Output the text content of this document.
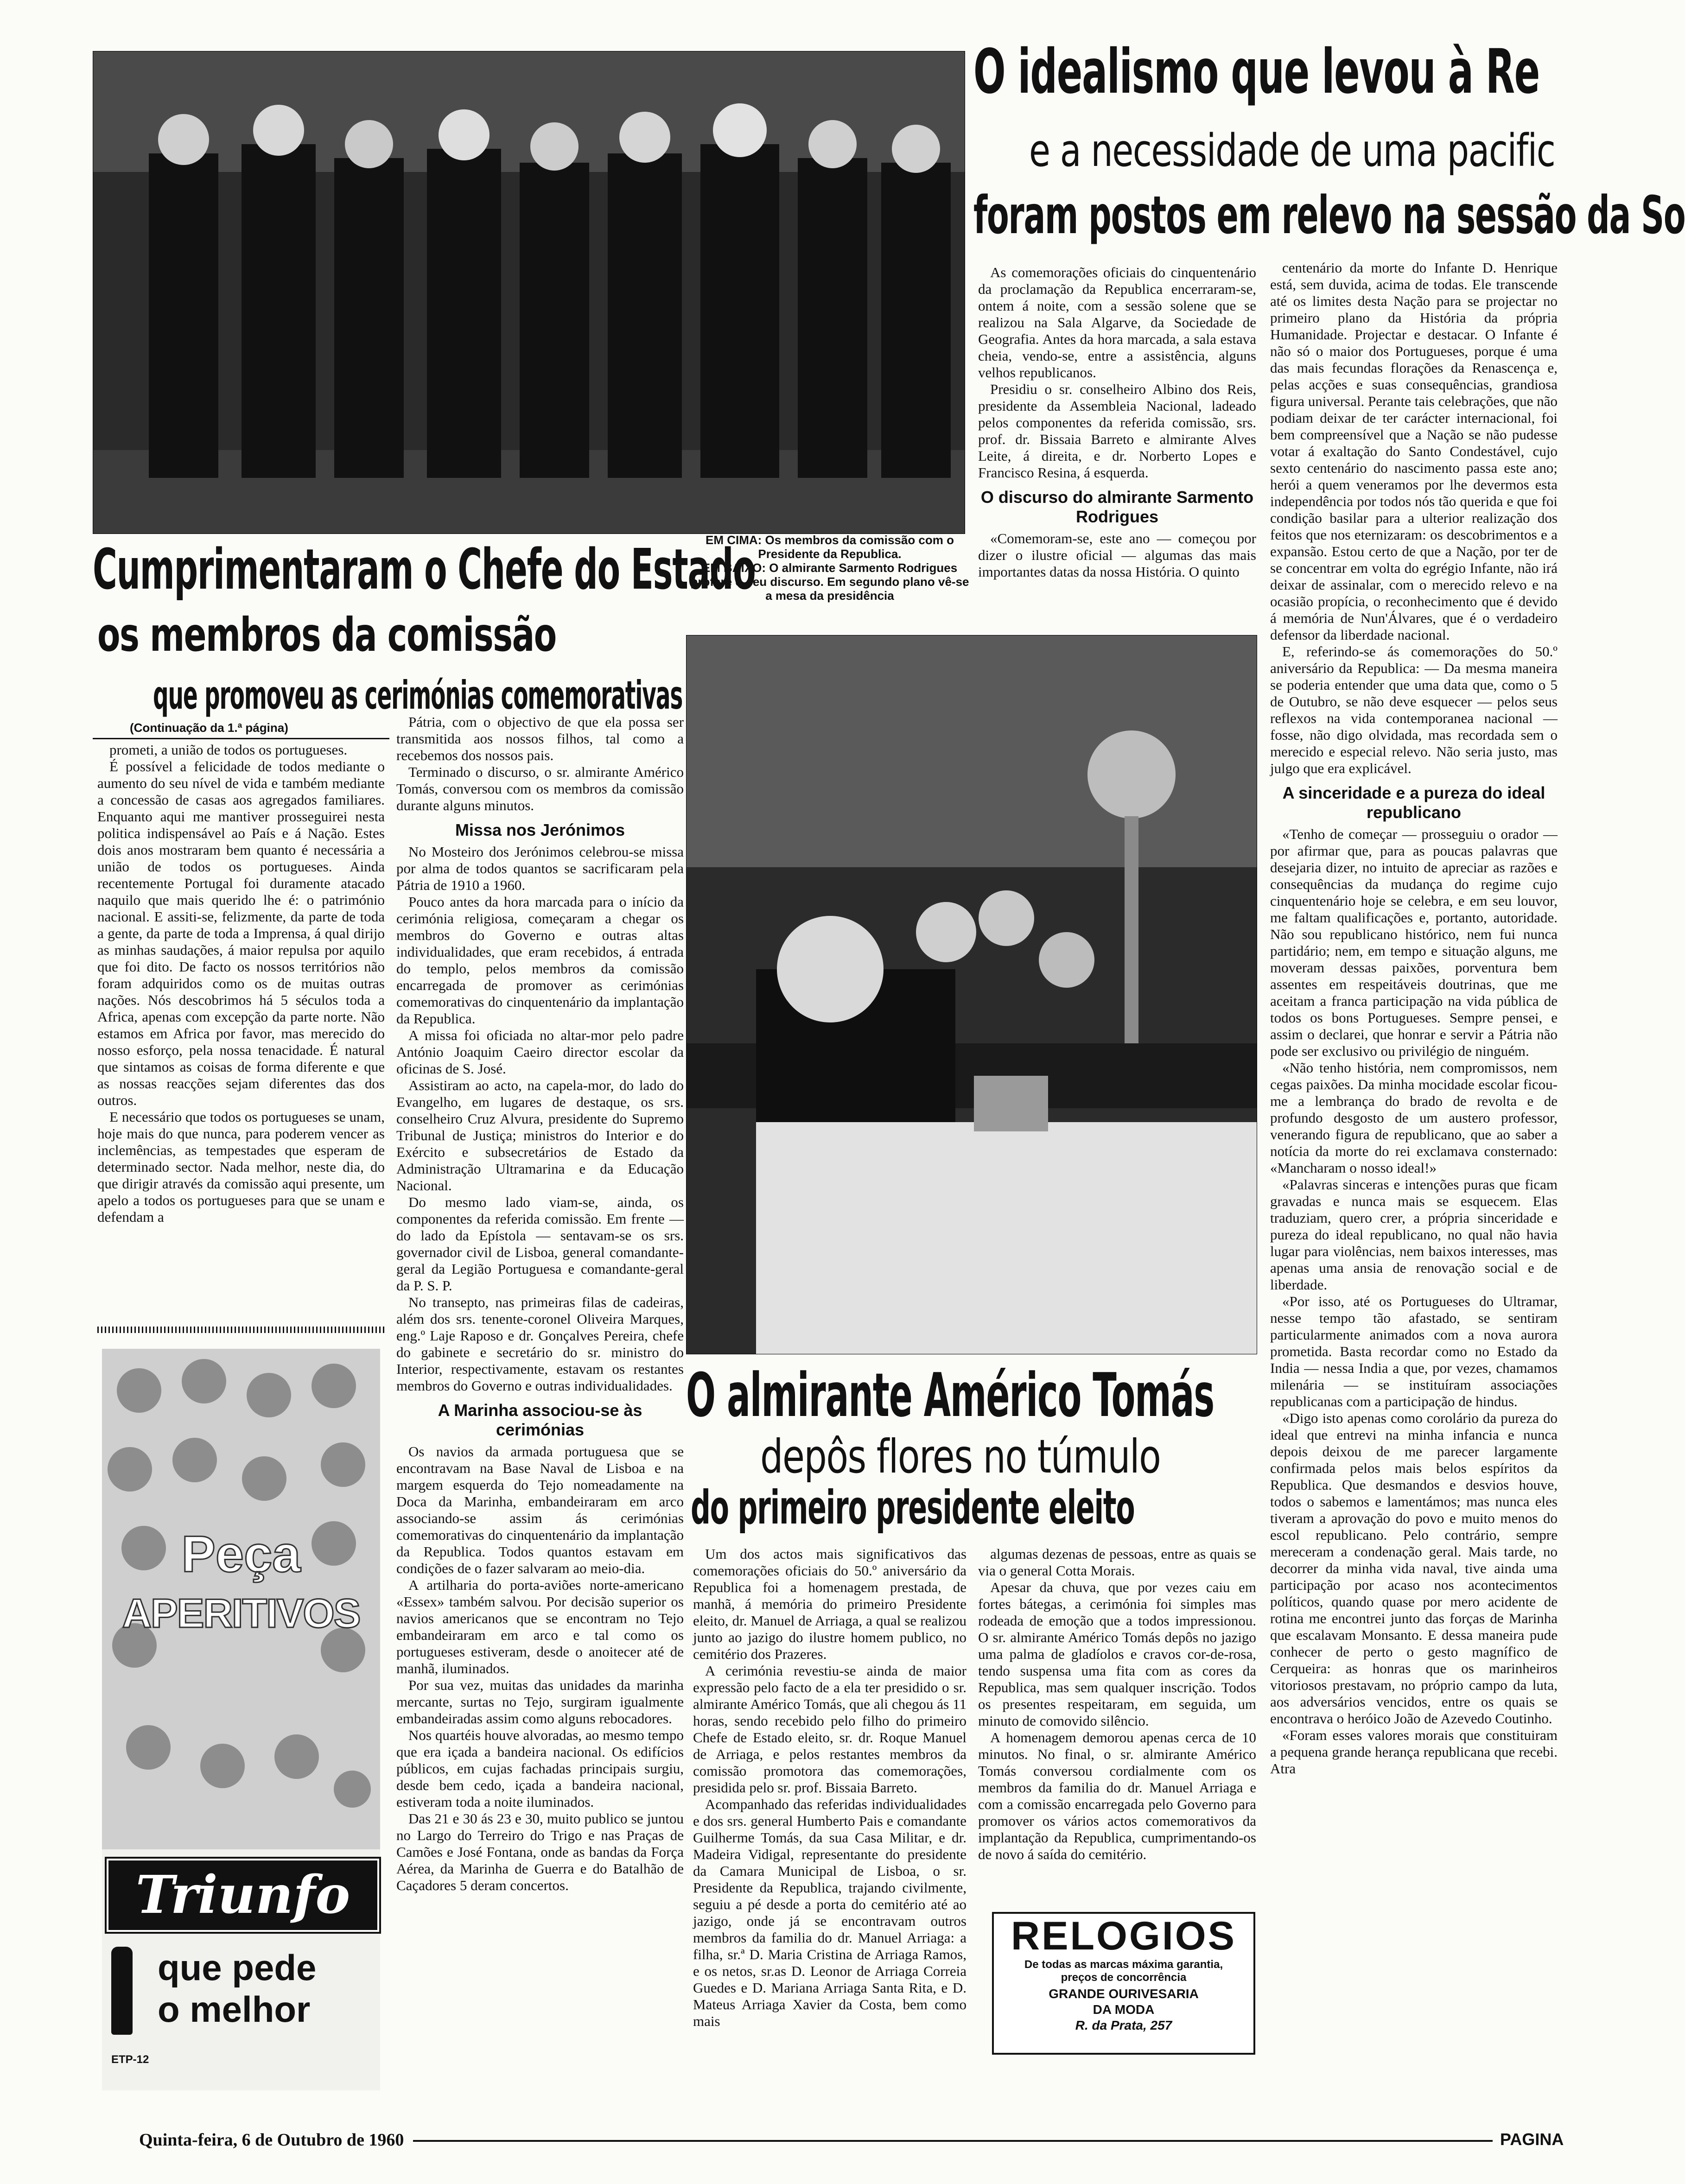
O idealismo que levou à Re
e a necessidade de uma pacific
foram postos em relevo na sessão da So

As comemorações oficiais do cinquentenário da proclamação da Republica encerraram-se, ontem á noite, com a sessão solene que se realizou na Sala Algarve, da Sociedade de Geografia. Antes da hora marcada, a sala estava cheia, vendo-se, entre a assistência, alguns velhos republicanos.

Presidiu o sr. conselheiro Albino dos Reis, presidente da Assembleia Nacional, ladeado pelos componentes da referida comissão, srs. prof. dr. Bissaia Barreto e almirante Alves Leite, á direita, e dr. Norberto Lopes e Francisco Resina, á esquerda.

O discurso do almirante Sarmento Rodrigues

«Comemoram-se, este ano — começou por dizer o ilustre oficial — algumas das mais importantes datas da nossa História. O quinto

centenário da morte do Infante D. Henrique está, sem duvida, acima de todas. Ele transcende até os limites desta Nação para se projectar no primeiro plano da História da própria Humanidade. Projectar e destacar. O Infante é não só o maior dos Portugueses, porque é uma das mais fecundas florações da Renascença e, pelas acções e suas consequências, grandiosa figura universal. Perante tais celebrações, que não podiam deixar de ter carácter internacional, foi bem compreensível que a Nação se não pudesse votar á exaltação do Santo Condestável, cujo sexto centenário do nascimento passa este ano; herói a quem veneramos por lhe devermos esta independência por todos nós tão querida e que foi condição basilar para a ulterior realização dos feitos que nos eternizaram: os descobrimentos e a expansão. Estou certo de que a Nação, por ter de se concentrar em volta do egrégio Infante, não irá deixar de assinalar, com o merecido relevo e na ocasião propícia, o reconhecimento que é devido á memória de Nun'Álvares, que é o verdadeiro defensor da liberdade nacional.

E, referindo-se ás comemorações do 50.º aniversário da Republica: — Da mesma maneira se poderia entender que uma data que, como o 5 de Outubro, se não deve esquecer — pelos seus reflexos na vida contemporanea nacional — fosse, não digo olvidada, mas recordada sem o merecido e especial relevo. Não seria justo, mas julgo que era explicável.

A sinceridade e a pureza do ideal republicano

«Tenho de começar — prosseguiu o orador — por afirmar que, para as poucas palavras que desejaria dizer, no intuito de apreciar as razões e consequências da mudança do regime cujo cinquentenário hoje se celebra, e em seu louvor, me faltam qualificações e, portanto, autoridade. Não sou republicano histórico, nem fui nunca partidário; nem, em tempo e situação alguns, me moveram dessas paixões, porventura bem assentes em respeitáveis doutrinas, que me aceitam a franca participação na vida pública de todos os bons Portugueses. Sempre pensei, e assim o declarei, que honrar e servir a Pátria não pode ser exclusivo ou privilégio de ninguém.

«Não tenho história, nem compromissos, nem cegas paixões. Da minha mocidade escolar ficou-me a lembrança do brado de revolta e de profundo desgosto de um austero professor, venerando figura de republicano, que ao saber a notícia da morte do rei exclamava consternado: «Mancharam o nosso ideal!»

«Palavras sinceras e intenções puras que ficam gravadas e nunca mais se esquecem. Elas traduziam, quero crer, a própria sinceridade e pureza do ideal republicano, no qual não havia lugar para violências, nem baixos interesses, mas apenas uma ansia de renovação social e de liberdade.

«Por isso, até os Portugueses do Ultramar, nesse tempo tão afastado, se sentiram particularmente animados com a nova aurora prometida. Basta recordar como no Estado da India — nessa India a que, por vezes, chamamos milenária — se instituíram associações republicanas com a participação de hindus.

«Digo isto apenas como corolário da pureza do ideal que entrevi na minha infancia e nunca depois deixou de me parecer largamente confirmada pelos mais belos espíritos da Republica. Que desmandos e desvios houve, todos o sabemos e lamentámos; mas nunca eles tiveram a aprovação do povo e muito menos do escol republicano. Pelo contrário, sempre mereceram a condenação geral. Mais tarde, no decorrer da minha vida naval, tive ainda uma participação por acaso nos acontecimentos políticos, quando quase por mero acidente de rotina me encontrei junto das forças de Marinha que escalavam Monsanto. E dessa maneira pude conhecer de perto o gesto magnífico de Cerqueira: as honras que os marinheiros vitoriosos prestavam, no próprio campo da luta, aos adversários vencidos, entre os quais se encontrava o heróico João de Azevedo Coutinho.

«Foram esses valores morais que constituiram a pequena grande herança republicana que recebi. Atra

Cumprimentaram o Chefe do Estado
os membros da comissão
que promoveu as cerimónias comemorativas
EM CIMA: Os membros da comissão com o Presidente da Republica.
EM BAIXO: O almirante Sarmento Rodrigues profere o seu discurso. Em segundo plano vê-se a mesa da presidência
(Continuação da 1.ª página)

prometi, a união de todos os portugueses.

É possível a felicidade de todos mediante o aumento do seu nível de vida e também mediante a concessão de casas aos agregados familiares. Enquanto aqui me mantiver prosseguirei nesta politica indispensável ao País e á Nação. Estes dois anos mostraram bem quanto é necessária a união de todos os portugueses. Ainda recentemente Portugal foi duramente atacado naquilo que mais querido lhe é: o património nacional. E assiti-se, felizmente, da parte de toda a gente, da parte de toda a Imprensa, á qual dirijo as minhas saudações, á maior repulsa por aquilo que foi dito. De facto os nossos territórios não foram adquiridos como os de muitas outras nações. Nós descobrimos há 5 séculos toda a Africa, apenas com excepção da parte norte. Não estamos em Africa por favor, mas merecido do nosso esforço, pela nossa tenacidade. É natural que sintamos as coisas de forma diferente e que as nossas reacções sejam diferentes das dos outros.

E necessário que todos os portugueses se unam, hoje mais do que nunca, para poderem vencer as inclemências, as tempestades que esperam de determinado sector. Nada melhor, neste dia, do que dirigir através da comissão aqui presente, um apelo a todos os portugueses para que se unam e defendam a

Pátria, com o objectivo de que ela possa ser transmitida aos nossos filhos, tal como a recebemos dos nossos pais.

Terminado o discurso, o sr. almirante Américo Tomás, conversou com os membros da comissão durante alguns minutos.

Missa nos Jerónimos

No Mosteiro dos Jerónimos celebrou-se missa por alma de todos quantos se sacrificaram pela Pátria de 1910 a 1960.

Pouco antes da hora marcada para o início da cerimónia religiosa, começaram a chegar os membros do Governo e outras altas individualidades, que eram recebidos, á entrada do templo, pelos membros da comissão encarregada de promover as cerimónias comemorativas do cinquentenário da implantação da Republica.

A missa foi oficiada no altar-mor pelo padre António Joaquim Caeiro director escolar da oficinas de S. José.

Assistiram ao acto, na capela-mor, do lado do Evangelho, em lugares de destaque, os srs. conselheiro Cruz Alvura, presidente do Supremo Tribunal de Justiça; ministros do Interior e do Exército e subsecretários de Estado da Administração Ultramarina e da Educação Nacional.

Do mesmo lado viam-se, ainda, os componentes da referida comissão. Em frente — do lado da Epístola — sentavam-se os srs. governador civil de Lisboa, general comandante-geral da Legião Portuguesa e comandante-geral da P. S. P.

No transepto, nas primeiras filas de cadeiras, além dos srs. tenente-coronel Oliveira Marques, eng.º Laje Raposo e dr. Gonçalves Pereira, chefe do gabinete e secretário do sr. ministro do Interior, respectivamente, estavam os restantes membros do Governo e outras individualidades.

A Marinha associou-se às cerimónias

Os navios da armada portuguesa que se encontravam na Base Naval de Lisboa e na margem esquerda do Tejo nomeadamente na Doca da Marinha, embandeiraram em arco associando-se assim ás cerimónias comemorativas do cinquentenário da implantação da Republica. Todos quantos estavam em condições de o fazer salvaram ao meio-dia.

A artilharia do porta-aviões norte-americano «Essex» também salvou. Por decisão superior os navios americanos que se encontram no Tejo embandeiraram em arco e tal como os portugueses estiveram, desde o anoitecer até de manhã, iluminados.

Por sua vez, muitas das unidades da marinha mercante, surtas no Tejo, surgiram igualmente embandeiradas assim como alguns rebocadores.

Nos quartéis houve alvoradas, ao mesmo tempo que era içada a bandeira nacional. Os edifícios públicos, em cujas fachadas principais surgiu, desde bem cedo, içada a bandeira nacional, estiveram toda a noite iluminados.

Das 21 e 30 ás 23 e 30, muito publico se juntou no Largo do Terreiro do Trigo e nas Praças de Camões e José Fontana, onde as bandas da Força Aérea, da Marinha de Guerra e do Batalhão de Caçadores 5 deram concertos.

O almirante Américo Tomás
depôs flores no túmulo
do primeiro presidente eleito

Um dos actos mais significativos das comemorações oficiais do 50.º aniversário da Republica foi a homenagem prestada, de manhã, á memória do primeiro Presidente eleito, dr. Manuel de Arriaga, a qual se realizou junto ao jazigo do ilustre homem publico, no cemitério dos Prazeres.

A cerimónia revestiu-se ainda de maior expressão pelo facto de a ela ter presidido o sr. almirante Américo Tomás, que ali chegou ás 11 horas, sendo recebido pelo filho do primeiro Chefe de Estado eleito, sr. dr. Roque Manuel de Arriaga, e pelos restantes membros da comissão promotora das comemorações, presidida pelo sr. prof. Bissaia Barreto.

Acompanhado das referidas individualidades e dos srs. general Humberto Pais e comandante Guilherme Tomás, da sua Casa Militar, e dr. Madeira Vidigal, representante do presidente da Camara Municipal de Lisboa, o sr. Presidente da Republica, trajando civilmente, seguiu a pé desde a porta do cemitério até ao jazigo, onde já se encontravam outros membros da familia do dr. Manuel Arriaga: a filha, sr.ª D. Maria Cristina de Arriaga Ramos, e os netos, sr.as D. Leonor de Arriaga Correia Guedes e D. Mariana Arriaga Santa Rita, e D. Mateus Arriaga Xavier da Costa, bem como mais

algumas dezenas de pessoas, entre as quais se via o general Cotta Morais.

Apesar da chuva, que por vezes caiu em fortes bátegas, a cerimónia foi simples mas rodeada de emoção que a todos impressionou. O sr. almirante Américo Tomás depôs no jazigo uma palma de gladíolos e cravos cor-de-rosa, tendo suspensa uma fita com as cores da Republica, mas sem qualquer inscrição. Todos os presentes respeitaram, em seguida, um minuto de comovido silêncio.

A homenagem demorou apenas cerca de 10 minutos. No final, o sr. almirante Américo Tomás conversou cordialmente com os membros da familia do dr. Manuel Arriaga e com a comissão encarregada pelo Governo para promover os vários actos comemorativos da implantação da Republica, cumprimentando-os de novo á saída do cemitério.

RELOGIOS
De todas as marcas máxima garantia, preços de concorrência
GRANDE OURIVESARIA
DA MODA
R. da Prata, 257
Peça
APERITIVOS
Triunfo
que pede
o melhor
ETP-12
Quinta-feira, 6 de Outubro de 1960	PAGINA
